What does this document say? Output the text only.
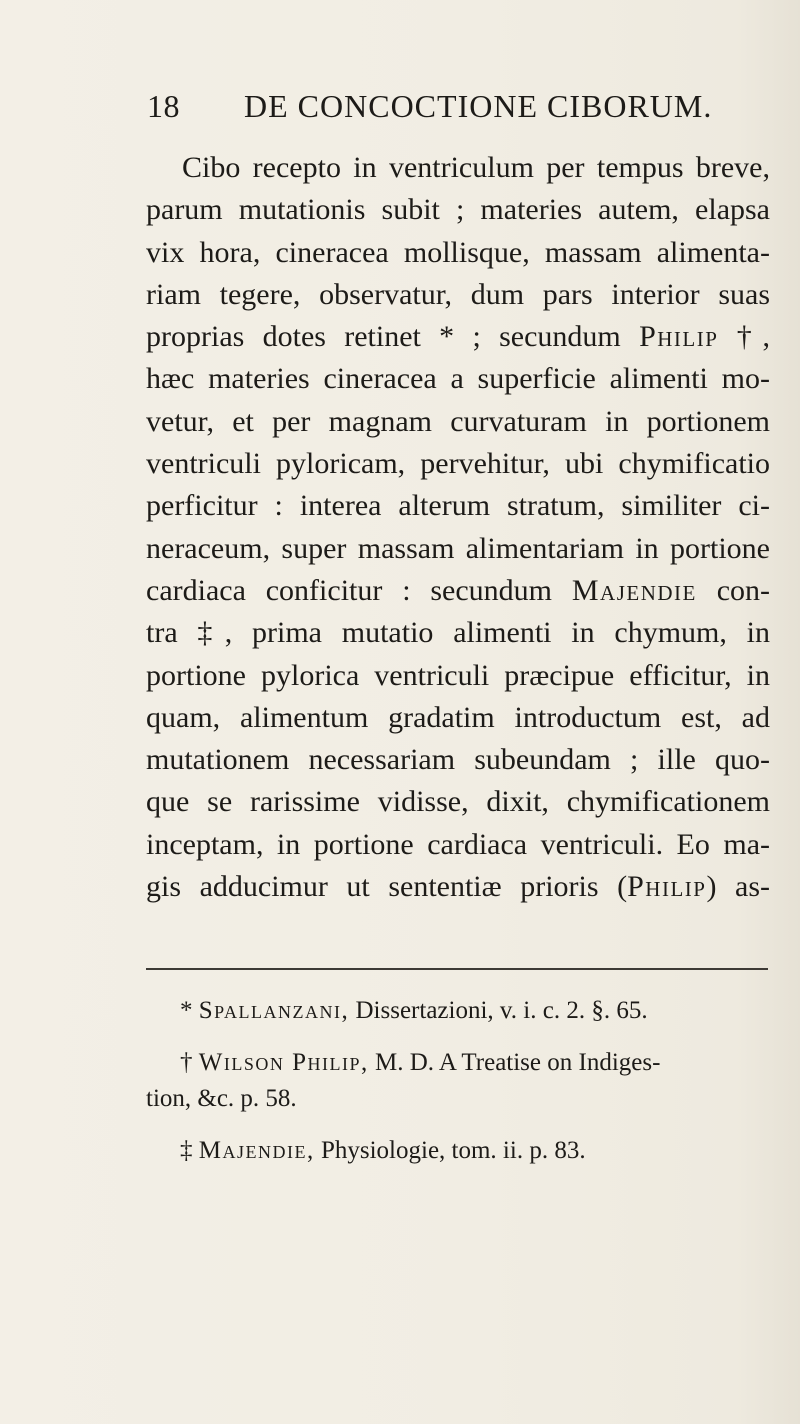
18 DE CONCOCTIONE CIBORUM.
Cibo recepto in ventriculum per tempus breve,
parum mutationis subit ; materies autem, elapsa
vix hora, cineracea mollisque, massam alimenta-
riam tegere, observatur, dum pars interior suas
proprias dotes retinet * ; secundum Philip †,
hæc materies cineracea a superficie alimenti mo-
vetur, et per magnam curvaturam in portionem
ventriculi pyloricam, pervehitur, ubi chymificatio
perficitur : interea alterum stratum, similiter ci-
neraceum, super massam alimentariam in portione
cardiaca conficitur : secundum Majendie con-
tra ‡, prima mutatio alimenti in chymum, in
portione pylorica ventriculi præcipue efficitur, in
quam, alimentum gradatim introductum est, ad
mutationem necessariam subeundam ; ille quo-
que se rarissime vidisse, dixit, chymificationem
inceptam, in portione cardiaca ventriculi. Eo ma-
gis adducimur ut sententiæ prioris (Philip) as-
* Spallanzani, Dissertazioni, v. i. c. 2. §. 65.
† Wilson Philip, M. D. A Treatise on Indiges-
tion, &c. p. 58.
‡ Majendie, Physiologie, tom. ii. p. 83.
